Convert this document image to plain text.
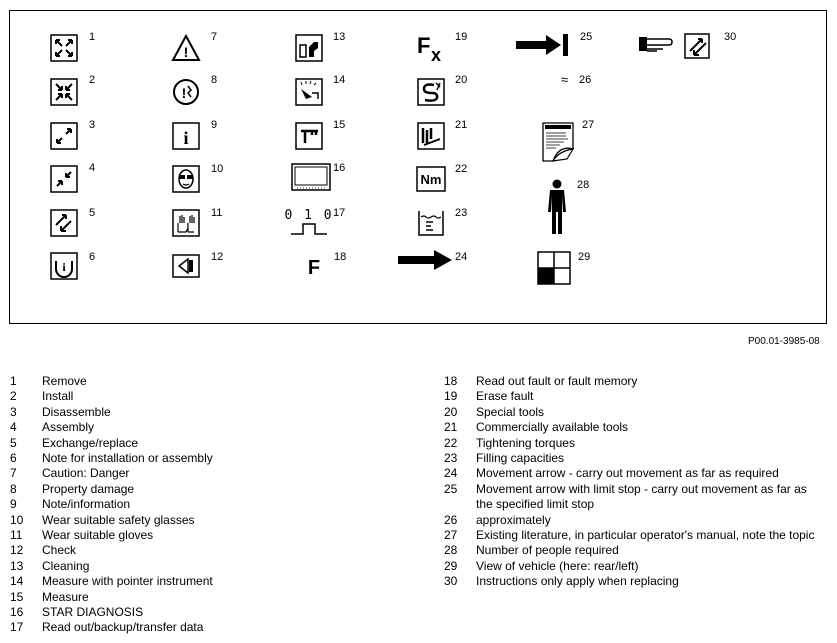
1
2
3
4
5
i
6
!
7
!
8
i
9
10
11
12
13
14
15
16
0 1 0 17
F 18
F x
19
20
21
Nm
22
23
24
25
≈ 26
27
28
29
30
P00.01-3985-08
1	Remove
2	Install
3	Disassemble
4	Assembly
5	Exchange/replace
6	Note for installation or assembly
7	Caution: Danger
8	Property damage
9	Note/information
10	Wear suitable safety glasses
11	Wear suitable gloves
12	Check
13	Cleaning
14	Measure with pointer instrument
15	Measure
16	STAR DIAGNOSIS
17	Read out/backup/transfer data
18	Read out fault or fault memory
19	Erase fault
20	Special tools
21	Commercially available tools
22	Tightening torques
23	Filling capacities
24	Movement arrow - carry out movement as far as required
25	Movement arrow with limit stop - carry out movement as far as
the specified limit stop
26	approximately
27	Existing literature, in particular operator's manual, note the topic
28	Number of people required
29	View of vehicle (here: rear/left)
30	Instructions only apply when replacing
